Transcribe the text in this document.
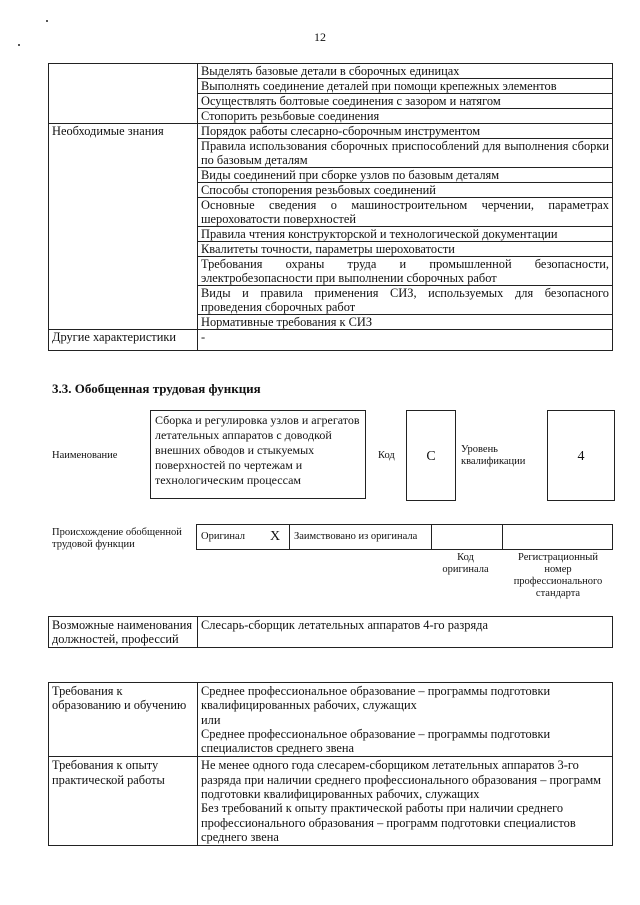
12
	Выделять базовые детали в сборочных единицах
	Выполнять соединение деталей при помощи крепежных элементов
	Осуществлять болтовые соединения с зазором и натягом
	Стопорить резьбовые соединения
Необходимые знания	Порядок работы слесарно-сборочным инструментом
	Правила использования сборочных приспособлений для выполнения сборки по базовым деталям
	Виды соединений при сборке узлов по базовым деталям
	Способы стопорения резьбовых соединений
	Основные сведения о машиностроительном черчении, параметрах шероховатости поверхностей
	Правила чтения конструкторской и технологической документации
	Квалитеты точности, параметры шероховатости
	Требования охраны труда и промышленной безопасности, электробезопасности при выполнении сборочных работ
	Виды и правила применения СИЗ, используемых для безопасного проведения сборочных работ
	Нормативные требования к СИЗ
Другие характеристики	-
3.3. Обобщенная трудовая функция
Наименование
Сборка и регулировка узлов и агрегатов летательных аппаратов с доводкой внешних обводов и стыкуемых поверхностей по чертежам и технологическим процессам
Код	C	Уровень квалификации	4
Происхождение обобщенной трудовой функции
Оригинал	X	Заимствовано из оригинала		
Код оригинала
Регистрационный номер профессионального стандарта
Возможные наименования должностей, профессий	Слесарь-сборщик летательных аппаратов 4-го разряда
Требования к образованию и обучению	Среднее профессиональное образование – программы подготовки квалифицированных рабочих, служащих
или
Среднее профессиональное образование – программы подготовки специалистов среднего звена

Требования к опыту практической работы	Не менее одного года слесарем-сборщиком летательных аппаратов 3-го разряда при наличии среднего профессионального образования – программ подготовки квалифицированных рабочих, служащих
Без требований к опыту практической работы при наличии среднего профессионального образования – программ подготовки специалистов среднего звена
